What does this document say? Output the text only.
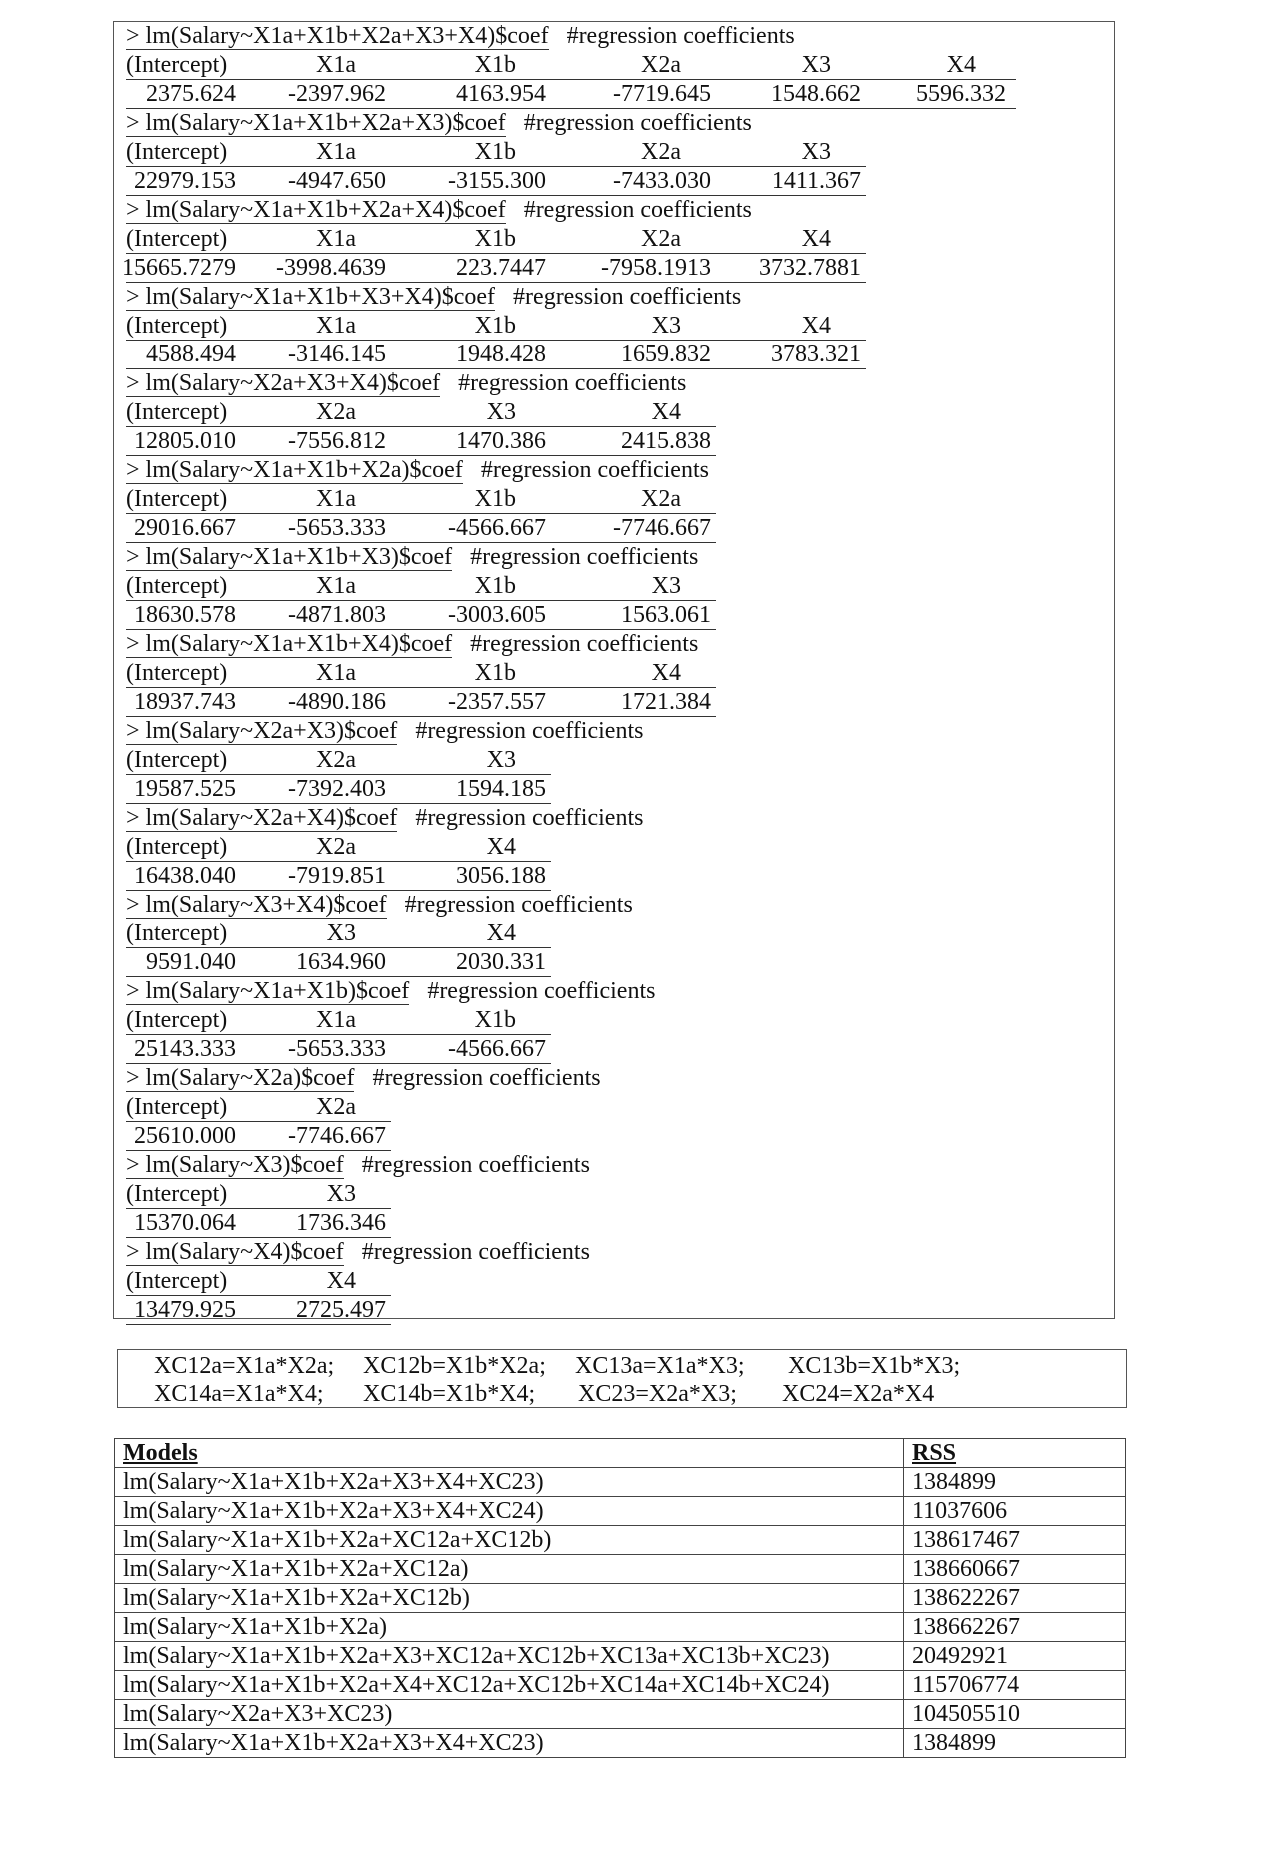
> lm(Salary~X1a+X1b+X2a+X3+X4)$coef #regression coefficients
(Intercept)	X1a	X1b	X2a	X3	X4
2375.624 -2397.962	4163.954	-7719.645	1548.662 5596.332
> lm(Salary~X1a+X1b+X2a+X3)$coef #regression coefficients
(Intercept)	X1a	X1b	X2a	X3
22979.153 -4947.650	-3155.300	-7433.030	1411.367
> lm(Salary~X1a+X1b+X2a+X4)$coef #regression coefficients
(Intercept)	X1a	X1b	X2a	X4
15665.7279 -3998.4639	223.7447 -7958.1913 3732.7881
> lm(Salary~X1a+X1b+X3+X4)$coef #regression coefficients
(Intercept)	X1a	X1b	X3	X4
4588.494 -3146.145	1948.428	1659.832	3783.321
> lm(Salary~X2a+X3+X4)$coef #regression coefficients
(Intercept)	X2a	X3	X4
12805.010 -7556.812	1470.386	2415.838
> lm(Salary~X1a+X1b+X2a)$coef #regression coefficients
(Intercept)	X1a	X1b	X2a
29016.667 -5653.333	-4566.667	-7746.667
> lm(Salary~X1a+X1b+X3)$coef #regression coefficients
(Intercept)	X1a	X1b	X3
18630.578 -4871.803	-3003.605	1563.061
> lm(Salary~X1a+X1b+X4)$coef #regression coefficients
(Intercept)	X1a	X1b	X4
18937.743 -4890.186	-2357.557	1721.384
> lm(Salary~X2a+X3)$coef #regression coefficients
(Intercept)	X2a	X3
19587.525 -7392.403	1594.185
> lm(Salary~X2a+X4)$coef #regression coefficients
(Intercept)	X2a	X4
16438.040 -7919.851	3056.188
> lm(Salary~X3+X4)$coef #regression coefficients
(Intercept)	X3	X4
9591.040	1634.960	2030.331
> lm(Salary~X1a+X1b)$coef #regression coefficients
(Intercept)	X1a	X1b
25143.333 -5653.333	-4566.667
> lm(Salary~X2a)$coef #regression coefficients
(Intercept)	X2a
25610.000 -7746.667
> lm(Salary~X3)$coef #regression coefficients
(Intercept)	X3
15370.064	1736.346
> lm(Salary~X4)$coef #regression coefficients
(Intercept)	X4
13479.925	2725.497
XC12a=X1a*X2a; XC12b=X1b*X2a; XC13a=X1a*X3; XC13b=X1b*X3;
XC14a=X1a*X4; XC14b=X1b*X4; XC23=X2a*X3; XC24=X2a*X4
Models	RSS
lm(Salary~X1a+X1b+X2a+X3+X4+XC23)	1384899
lm(Salary~X1a+X1b+X2a+X3+X4+XC24)	11037606
lm(Salary~X1a+X1b+X2a+XC12a+XC12b)	138617467
lm(Salary~X1a+X1b+X2a+XC12a)	138660667
lm(Salary~X1a+X1b+X2a+XC12b)	138622267
lm(Salary~X1a+X1b+X2a)	138662267
lm(Salary~X1a+X1b+X2a+X3+XC12a+XC12b+XC13a+XC13b+XC23)	20492921
lm(Salary~X1a+X1b+X2a+X4+XC12a+XC12b+XC14a+XC14b+XC24)	115706774
lm(Salary~X2a+X3+XC23)	104505510
lm(Salary~X1a+X1b+X2a+X3+X4+XC23)	1384899
